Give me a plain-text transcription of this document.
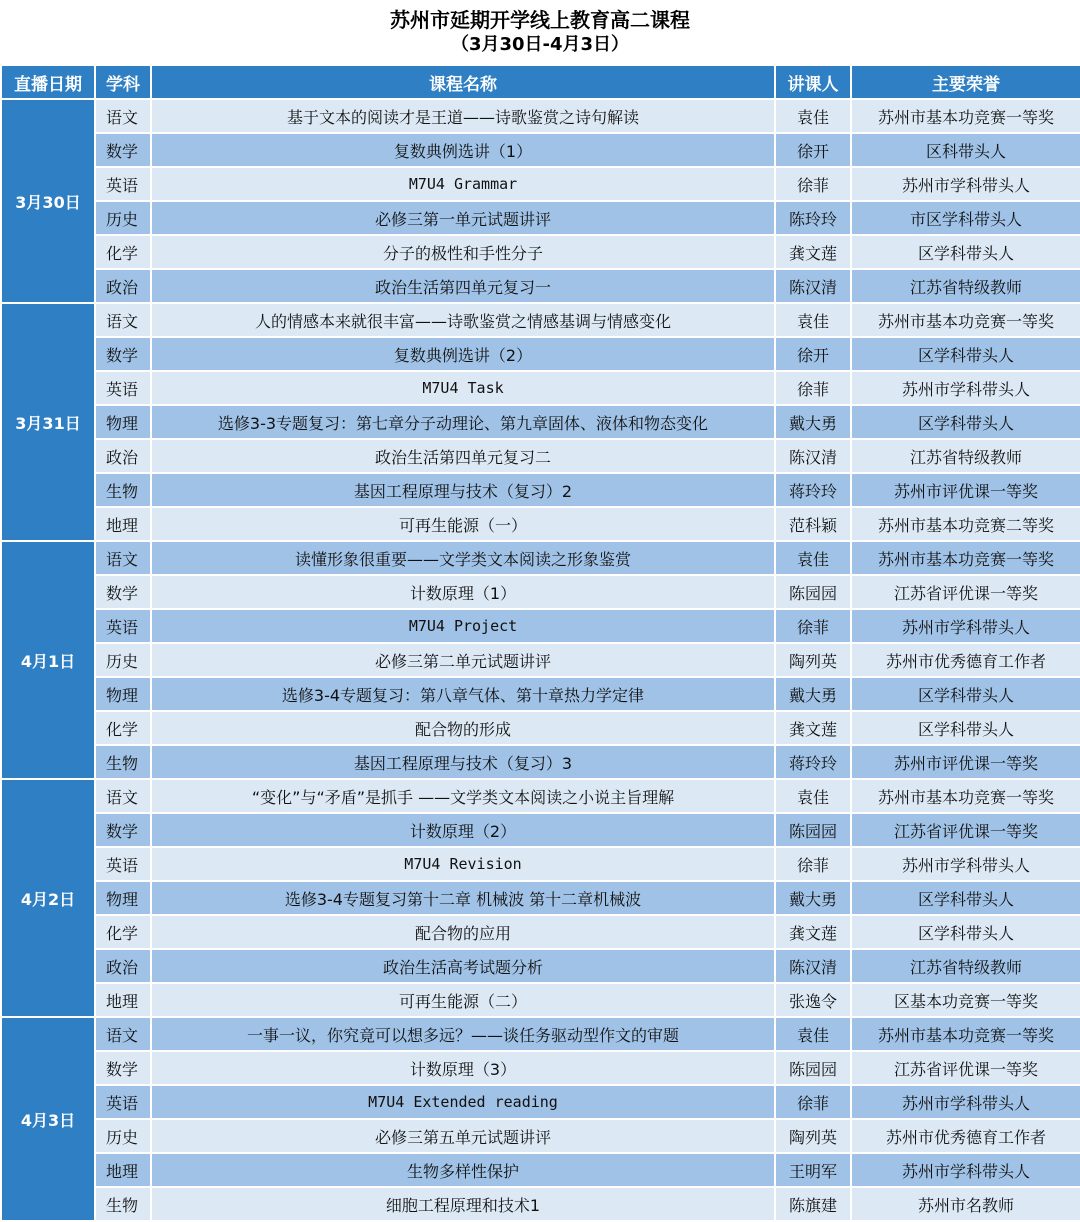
苏州市延期开学线上教育高二课程
（3月30日-4月3日）
直播日期	学科	课程名称	讲课人	主要荣誉
3月30日	语文	基于文本的阅读才是王道——诗歌鉴赏之诗句解读	袁佳	苏州市基本功竞赛一等奖
	数学	复数典例选讲（1）	徐开	区科带头人
	英语	M7U4 Grammar	徐菲	苏州市学科带头人
	历史	必修三第一单元试题讲评	陈玲玲	市区学科带头人
	化学	分子的极性和手性分子	龚文莲	区学科带头人
	政治	政治生活第四单元复习一	陈汉清	江苏省特级教师
3月31日	语文	人的情感本来就很丰富——诗歌鉴赏之情感基调与情感变化	袁佳	苏州市基本功竞赛一等奖
	数学	复数典例选讲（2）	徐开	区学科带头人
	英语	M7U4 Task	徐菲	苏州市学科带头人
	物理	选修3-3专题复习：第七章分子动理论、第九章固体、液体和物态变化	戴大勇	区学科带头人
	政治	政治生活第四单元复习二	陈汉清	江苏省特级教师
	生物	基因工程原理与技术（复习）2	蒋玲玲	苏州市评优课一等奖
	地理	可再生能源（一）	范科颖	苏州市基本功竞赛二等奖
4月1日	语文	读懂形象很重要——文学类文本阅读之形象鉴赏	袁佳	苏州市基本功竞赛一等奖
	数学	计数原理（1）	陈园园	江苏省评优课一等奖
	英语	M7U4 Project	徐菲	苏州市学科带头人
	历史	必修三第二单元试题讲评	陶列英	苏州市优秀德育工作者
	物理	选修3-4专题复习：第八章气体、第十章热力学定律	戴大勇	区学科带头人
	化学	配合物的形成	龚文莲	区学科带头人
	生物	基因工程原理与技术（复习）3	蒋玲玲	苏州市评优课一等奖
4月2日	语文	“变化”与“矛盾”是抓手 ——文学类文本阅读之小说主旨理解	袁佳	苏州市基本功竞赛一等奖
	数学	计数原理（2）	陈园园	江苏省评优课一等奖
	英语	M7U4 Revision	徐菲	苏州市学科带头人
	物理	选修3-4专题复习第十二章 机械波 第十二章机械波	戴大勇	区学科带头人
	化学	配合物的应用	龚文莲	区学科带头人
	政治	政治生活高考试题分析	陈汉清	江苏省特级教师
	地理	可再生能源（二）	张逸令	区基本功竞赛一等奖
4月3日	语文	一事一议，你究竟可以想多远？——谈任务驱动型作文的审题	袁佳	苏州市基本功竞赛一等奖
	数学	计数原理（3）	陈园园	江苏省评优课一等奖
	英语	M7U4 Extended reading	徐菲	苏州市学科带头人
	历史	必修三第五单元试题讲评	陶列英	苏州市优秀德育工作者
	地理	生物多样性保护	王明军	苏州市学科带头人
	生物	细胞工程原理和技术1	陈旗建	苏州市名教师
